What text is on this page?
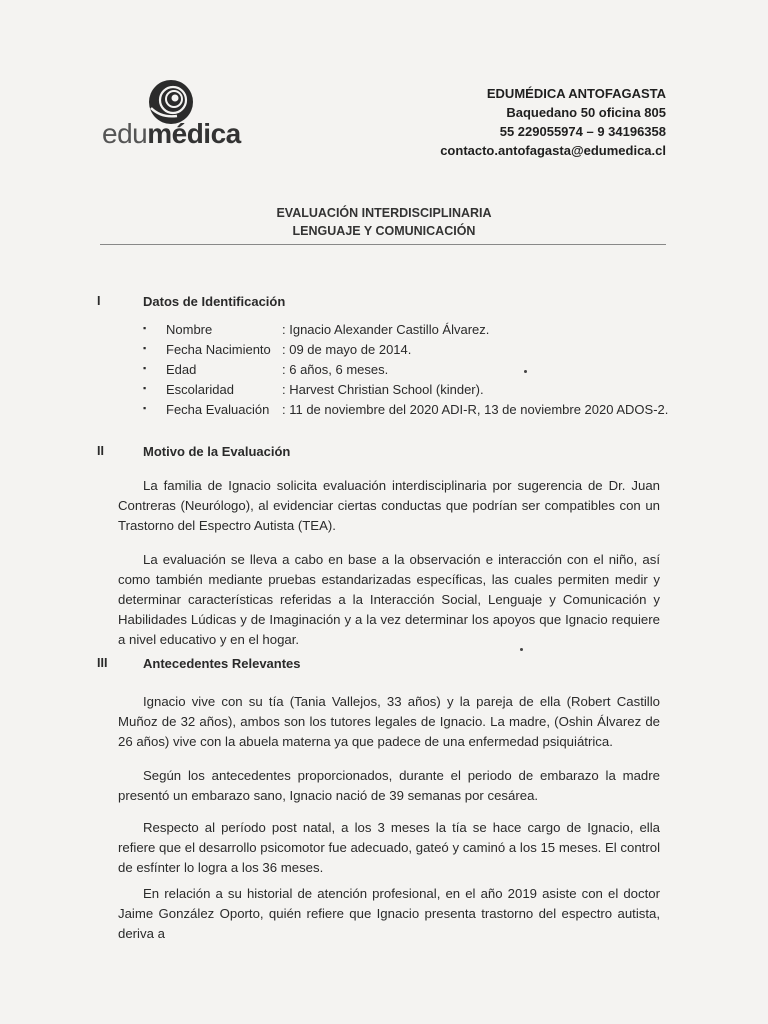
edumédica
EDUMÉDICA ANTOFAGASTA
Baquedano 50 oficina 805
55 229055974 – 9 34196358
contacto.antofagasta@edumedica.cl
EVALUACIÓN INTERDISCIPLINARIA
LENGUAJE Y COMUNICACIÓN
I	Datos de Identificación
▪ Nombre	: Ignacio Alexander Castillo Álvarez.
▪ Fecha Nacimiento : 09 de mayo de 2014.
▪ Edad	: 6 años, 6 meses.
▪ Escolaridad	: Harvest Christian School (kinder).
▪ Fecha Evaluación : 11 de noviembre del 2020 ADI-R, 13 de noviembre 2020 ADOS-2.
II	Motivo de la Evaluación

La familia de Ignacio solicita evaluación interdisciplinaria por sugerencia de Dr. Juan Contreras (Neurólogo), al evidenciar ciertas conductas que podrían ser compatibles con un Trastorno del Espectro Autista (TEA).

La evaluación se lleva a cabo en base a la observación e interacción con el niño, así como también mediante pruebas estandarizadas específicas, las cuales permiten medir y determinar características referidas a la Interacción Social, Lenguaje y Comunicación y Habilidades Lúdicas y de Imaginación y a la vez determinar los apoyos que Ignacio requiere a nivel educativo y en el hogar.

III	Antecedentes Relevantes

Ignacio vive con su tía (Tania Vallejos, 33 años) y la pareja de ella (Robert Castillo Muñoz de 32 años), ambos son los tutores legales de Ignacio. La madre, (Oshin Álvarez de 26 años) vive con la abuela materna ya que padece de una enfermedad psiquiátrica.

Según los antecedentes proporcionados, durante el periodo de embarazo la madre presentó un embarazo sano, Ignacio nació de 39 semanas por cesárea.

Respecto al período post natal, a los 3 meses la tía se hace cargo de Ignacio, ella refiere que el desarrollo psicomotor fue adecuado, gateó y caminó a los 15 meses. El control de esfínter lo logra a los 36 meses.

En relación a su historial de atención profesional, en el año 2019 asiste con el doctor Jaime González Oporto, quién refiere que Ignacio presenta trastorno del espectro autista, deriva a
